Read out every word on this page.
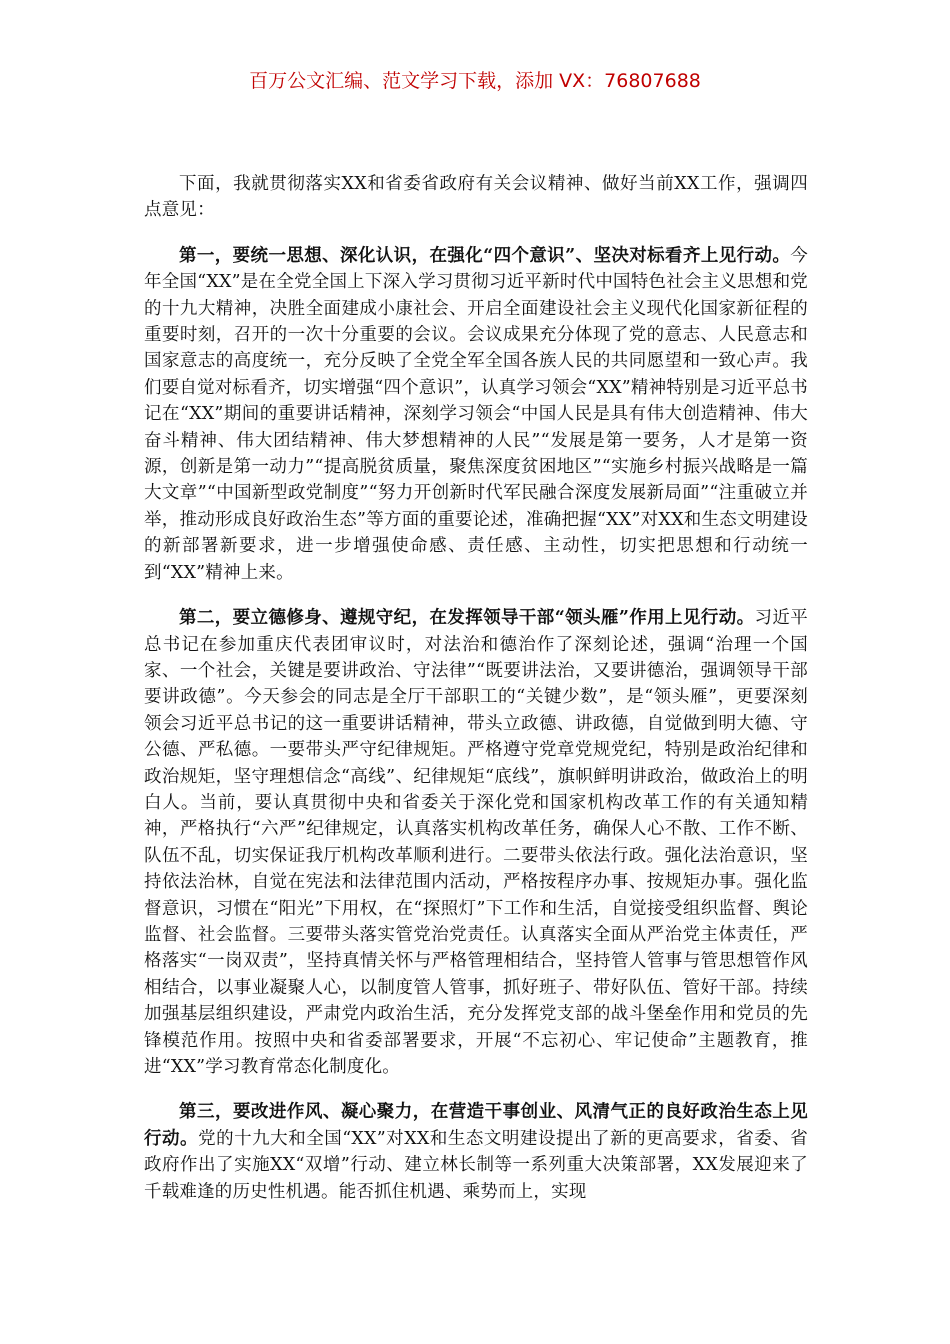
百万公文汇编、范文学习下载，添加 VX：76807688

下面，我就贯彻落实XX和省委省政府有关会议精神、做好当前XX工作，强调四点意见：

第一，要统一思想、深化认识，在强化“四个意识”、坚决对标看齐上见行动。今年全国“XX”是在全党全国上下深入学习贯彻习近平新时代中国特色社会主义思想和党的十九大精神，决胜全面建成小康社会、开启全面建设社会主义现代化国家新征程的重要时刻，召开的一次十分重要的会议。会议成果充分体现了党的意志、人民意志和国家意志的高度统一，充分反映了全党全军全国各族人民的共同愿望和一致心声。我们要自觉对标看齐，切实增强“四个意识”，认真学习领会“XX”精神特别是习近平总书记在“XX”期间的重要讲话精神，深刻学习领会“中国人民是具有伟大创造精神、伟大奋斗精神、伟大团结精神、伟大梦想精神的人民”“发展是第一要务，人才是第一资源，创新是第一动力”“提高脱贫质量，聚焦深度贫困地区”“实施乡村振兴战略是一篇大文章”“中国新型政党制度”“努力开创新时代军民融合深度发展新局面”“注重破立并举，推动形成良好政治生态”等方面的重要论述，准确把握“XX”对XX和生态文明建设的新部署新要求，进一步增强使命感、责任感、主动性，切实把思想和行动统一到“XX”精神上来。

第二，要立德修身、遵规守纪，在发挥领导干部“领头雁”作用上见行动。习近平总书记在参加重庆代表团审议时，对法治和德治作了深刻论述，强调“治理一个国家、一个社会，关键是要讲政治、守法律”“既要讲法治，又要讲德治，强调领导干部要讲政德”。今天参会的同志是全厅干部职工的“关键少数”，是“领头雁”，更要深刻领会习近平总书记的这一重要讲话精神，带头立政德、讲政德，自觉做到明大德、守公德、严私德。一要带头严守纪律规矩。严格遵守党章党规党纪，特别是政治纪律和政治规矩，坚守理想信念“高线”、纪律规矩“底线”，旗帜鲜明讲政治，做政治上的明白人。当前，要认真贯彻中央和省委关于深化党和国家机构改革工作的有关通知精神，严格执行“六严”纪律规定，认真落实机构改革任务，确保人心不散、工作不断、队伍不乱，切实保证我厅机构改革顺利进行。二要带头依法行政。强化法治意识，坚持依法治林，自觉在宪法和法律范围内活动，严格按程序办事、按规矩办事。强化监督意识，习惯在“阳光”下用权，在“探照灯”下工作和生活，自觉接受组织监督、舆论监督、社会监督。三要带头落实管党治党责任。认真落实全面从严治党主体责任，严格落实“一岗双责”，坚持真情关怀与严格管理相结合，坚持管人管事与管思想管作风相结合，以事业凝聚人心，以制度管人管事，抓好班子、带好队伍、管好干部。持续加强基层组织建设，严肃党内政治生活，充分发挥党支部的战斗堡垒作用和党员的先锋模范作用。按照中央和省委部署要求，开展“不忘初心、牢记使命”主题教育，推进“XX”学习教育常态化制度化。

第三，要改进作风、凝心聚力，在营造干事创业、风清气正的良好政治生态上见行动。党的十九大和全国“XX”对XX和生态文明建设提出了新的更高要求，省委、省政府作出了实施XX“双增”行动、建立林长制等一系列重大决策部署，XX发展迎来了千载难逢的历史性机遇。能否抓住机遇、乘势而上，实现
